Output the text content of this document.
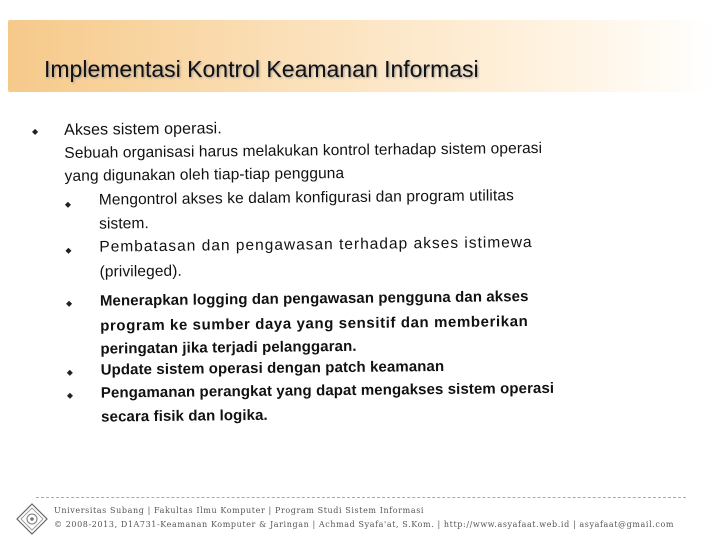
Implementasi Kontrol Keamanan Informasi
◆ Akses sistem operasi.
Sebuah organisasi harus melakukan kontrol terhadap sistem operasi
yang digunakan oleh tiap-tiap pengguna
◆ Mengontrol akses ke dalam konfigurasi dan program utilitas
sistem.
◆ Pembatasan dan pengawasan terhadap akses istimewa
(privileged).
◆ Menerapkan logging dan pengawasan pengguna dan akses
program ke sumber daya yang sensitif dan memberikan
peringatan jika terjadi pelanggaran.
◆ Update sistem operasi dengan patch keamanan
◆ Pengamanan perangkat yang dapat mengakses sistem operasi
secara fisik dan logika.
Universitas Subang | Fakultas Ilmu Komputer | Program Studi Sistem Informasi
© 2008-2013, D1A731-Keamanan Komputer & Jaringan | Achmad Syafa'at, S.Kom. | http://www.asyafaat.web.id | asyafaat@gmail.com
